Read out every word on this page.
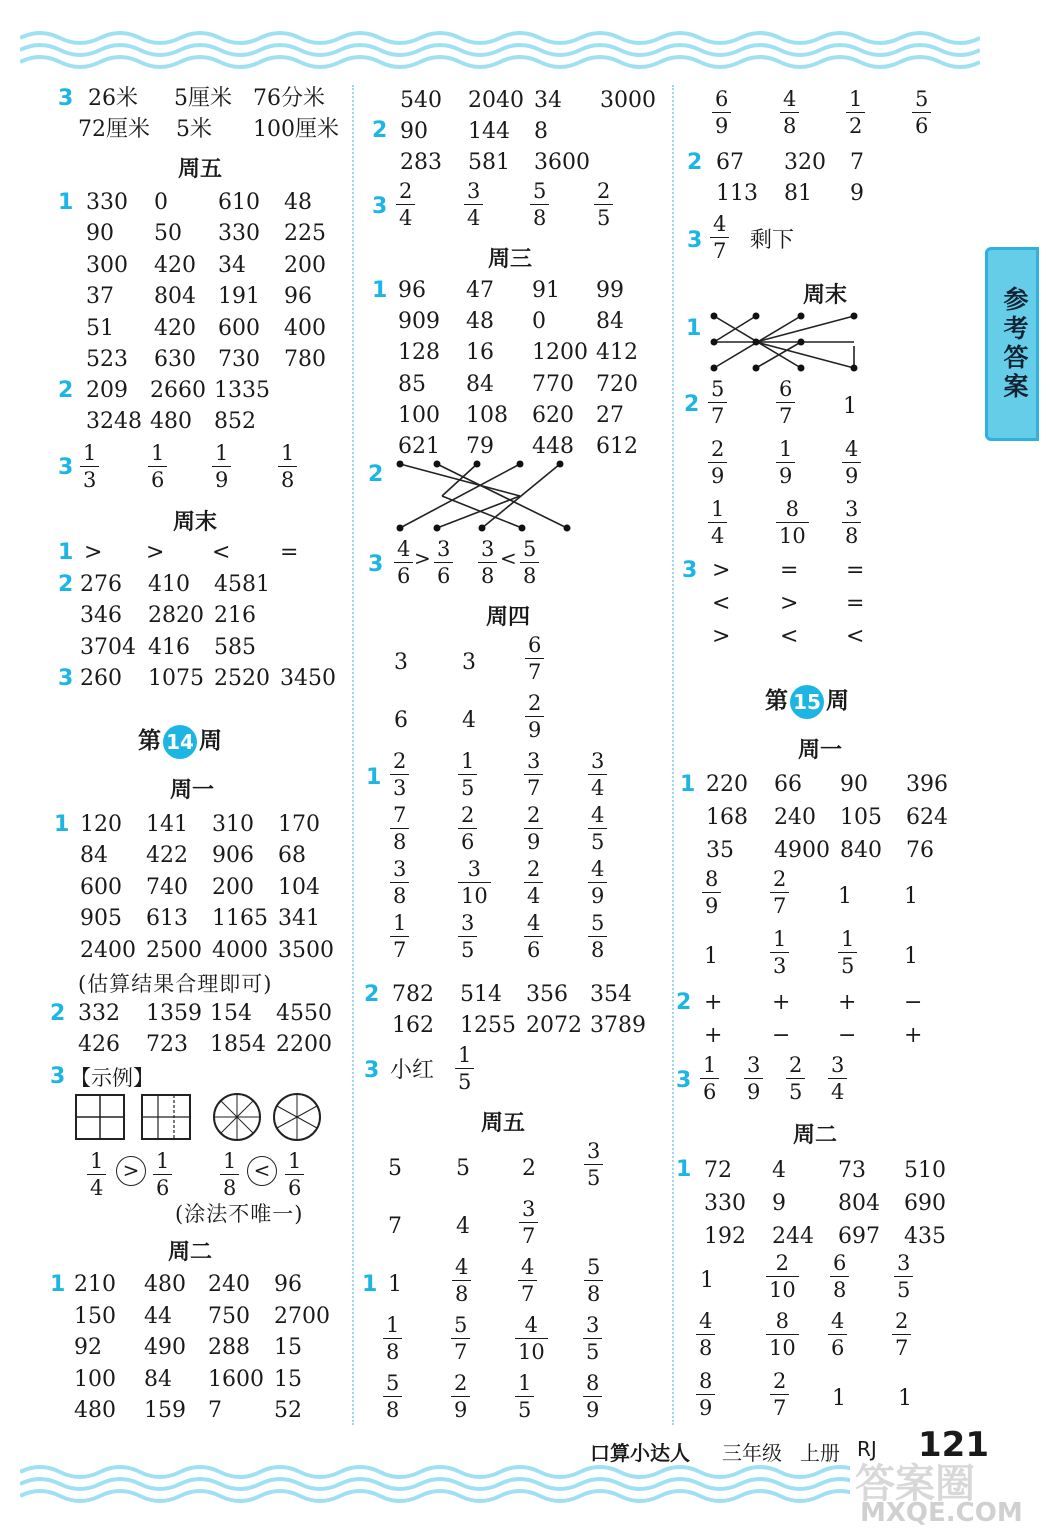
参考答案
3 26米 5厘米 76分米
72厘米 5米 100厘米
周五
1
2
3
周末
1
2
3
第 14 周
周一
1
(估算结果合理即可)
2
3 【示例】
(涂法不唯一)
周二
1
2
3
周三
1
2
3
周四
1
2
3 小红
周五
1
2
3 剩下
周末
1
2	1
3
第 15 周
周一
1
2
3
周二
1
口算小达人 三年级 上册 RJ 121
答案圈
MXQE.COM
330 0 610 48
90 50 330 225
300 420 34 200
37 804 191 96
51 420 600 400
523 630 730 780
209 2660 1335
3248 480 852
$\frac{1}{3} \frac{1}{6} \frac{1}{9} \frac{1}{8}$
276 410 4581
346 2820 216
3704 416 585
> > < =
260 1075 2520 3450
120 141 310 170
84 422 906 68
600 740 200 104
905 613 1165 341
2400 2500 4000 3500
332 1359 154 4550
426 723 1854 2200
$\frac{1}{4} > \frac{1}{6} \frac{1}{8} < \frac{1}{6}$
210 480 240 96
150 44 750 2700
92 490 288 15
100 84 1600 15
480 159 7 52
540 2040 34 3000
90 144 8
283 581 3600
$\frac{2}{4} \frac{3}{4} \frac{5}{8} \frac{2}{5}$
96 47 91 99
909 48 0 84
128 16 1200 412
85 84 770 720
100 108 620 27
621 79 448 612
$\frac{4}{6} > \frac{3}{6} \frac{3}{8} < \frac{5}{8}$
3 $3 \frac{6}{7}$
6 $4 \frac{2}{9}$
$\frac{2}{3} \frac{1}{5} \frac{3}{7} \frac{3}{4}$
$\frac{7}{8} \frac{2}{6} \frac{2}{9} \frac{4}{5}$
$\frac{3}{8} \frac{3}{10} \frac{2}{4} \frac{4}{9}$
$\frac{1}{7} \frac{3}{5} \frac{4}{6} \frac{5}{8}$
782 514 356 354
162 1255 2072 3789
$\frac{1}{5}$
5 5 $2 \frac{3}{5}$
7 $4 \frac{3}{7}$
$1 \frac{4}{8} \frac{4}{7} \frac{5}{8}$
$\frac{1}{8} \frac{5}{7} \frac{4}{10} \frac{3}{5}$
$\frac{5}{8} \frac{2}{9} \frac{1}{5} \frac{8}{9}$
$\frac{6}{9} \frac{4}{8} \frac{1}{2} \frac{5}{6}$
67 320 7
113 81 9
$\frac{4}{7}$
$\frac{5}{7} \frac{6}{7}$
$\frac{2}{9} \frac{1}{9} \frac{4}{9}$
$\frac{1}{4} \frac{8}{10} \frac{3}{8}$
> = =
< > =
> < <
220 66 90 396
168 240 105 624
35 4900 840 76
$\frac{8}{9} \frac{2}{7} 1$ 1
$1 \frac{1}{3} \frac{1}{5} 1$
+ + + −
+ − − +
$\frac{1}{6} \frac{3}{9} \frac{2}{5} \frac{3}{4}$
72 4 73 510
330 9 804 690
192 244 697 435
$1 \frac{2}{10} \frac{6}{8} \frac{3}{5}$
$\frac{4}{8} \frac{8}{10} \frac{4}{6} \frac{2}{7}$
$\frac{8}{9}$	$\frac{2}{7} 1$ 1
